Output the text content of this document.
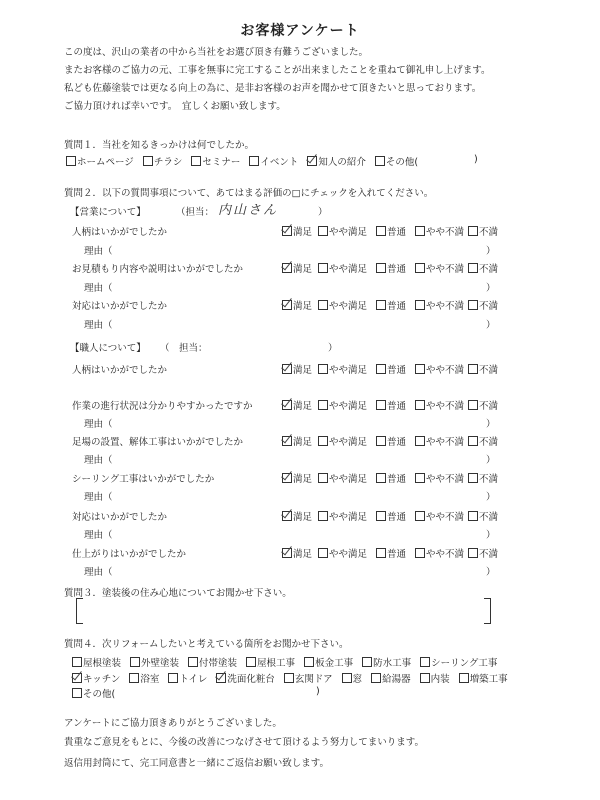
お客様アンケート
この度は、沢山の業者の中から当社をお選び頂き有難うございました。
またお客様のご協力の元、工事を無事に完工することが出来ましたことを重ねて御礼申し上げます。
私ども佐藤塗装では更なる向上の為に、是非お客様のお声を聞かせて頂きたいと思っております。
ご協力頂ければ幸いです。　宜しくお願い致します。
質問１．当社を知るきっかけは何でしたか。
ホームページ チラシ セミナー イベント 知人の紹介 その他(	)
質問２．以下の質問事項について、あてはまる評価の□にチェックを入れてください。
【営業について】	（担当： 内山さん	）
人柄はいかがでしたか	満足	やや満足	普通	やや不満	不満
理由（	）
お見積もり内容や説明はいかがでしたか	満足	やや満足	普通	やや不満	不満
理由（	）
対応はいかがでしたか	満足	やや満足	普通	やや不満	不満
理由（	）
【職人について】 （　担当：	）
人柄はいかがでしたか	満足	やや満足	普通	やや不満	不満
作業の進行状況は分かりやすかったですか	満足	やや満足	普通	やや不満	不満
理由（	）
足場の設置、解体工事はいかがでしたか	満足	やや満足	普通	やや不満	不満
理由（	）
シーリング工事はいかがでしたか	満足	やや満足	普通	やや不満	不満
理由（	）
対応はいかがでしたか	満足	やや満足	普通	やや不満	不満
理由（	）
仕上がりはいかがでしたか	満足	やや満足	普通	やや不満	不満
理由（	）
質問３．塗装後の住み心地についてお聞かせ下さい。
質問４．次リフォームしたいと考えている箇所をお聞かせ下さい。
屋根塗装 外壁塗装 付帯塗装 屋根工事 板金工事 防水工事 シーリング工事
キッチン 浴室 トイレ 洗面化粧台 玄関ドア 窓 給湯器 内装 増築工事
その他(	)
アンケートにご協力頂きありがとうございました。
貴重なご意見をもとに、今後の改善につなげさせて頂けるよう努力してまいります。
返信用封筒にて、完工同意書と一緒にご返信お願い致します。
